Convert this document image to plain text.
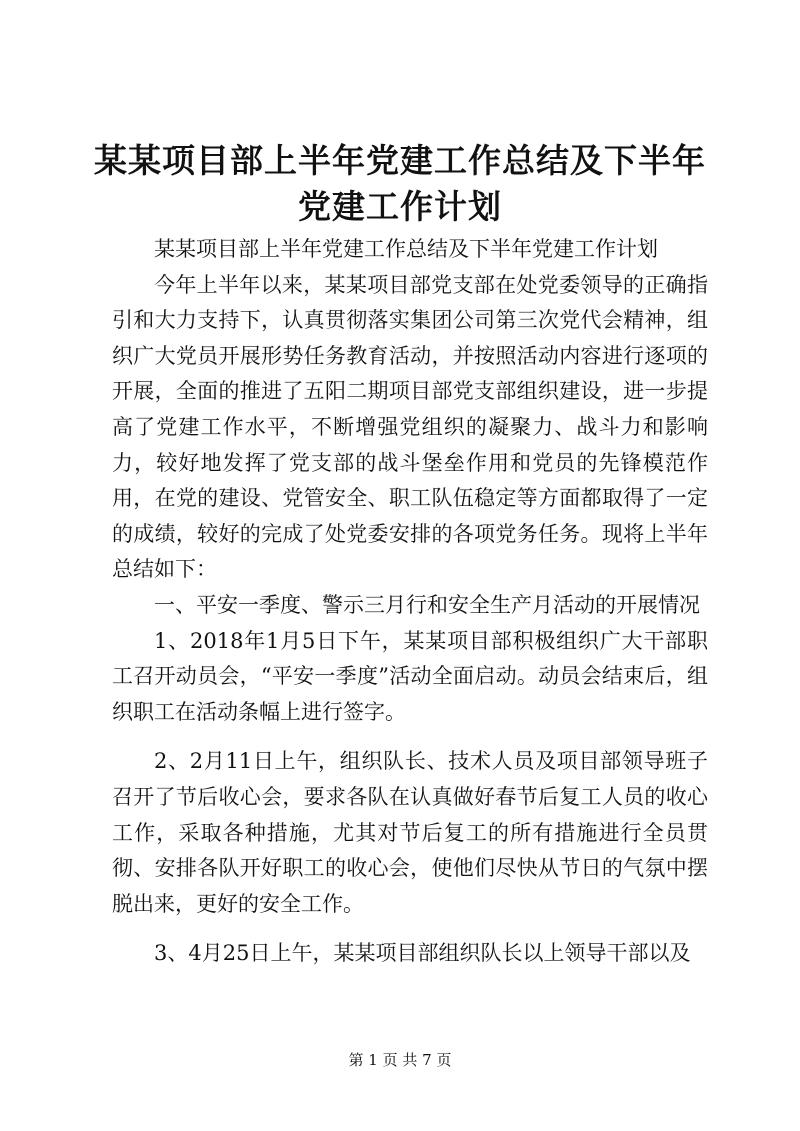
某某项目部上半年党建工作总结及下半年党建工作计划

某某项目部上半年党建工作总结及下半年党建工作计划

今年上半年以来，某某项目部党支部在处党委领导的正确指引和大力支持下，认真贯彻落实集团公司第三次党代会精神，组织广大党员开展形势任务教育活动，并按照活动内容进行逐项的开展，全面的推进了五阳二期项目部党支部组织建设，进一步提高了党建工作水平，不断增强党组织的凝聚力、战斗力和影响力，较好地发挥了党支部的战斗堡垒作用和党员的先锋模范作用，在党的建设、党管安全、职工队伍稳定等方面都取得了一定的成绩，较好的完成了处党委安排的各项党务任务。现将上半年总结如下：

一、平安一季度、警示三月行和安全生产月活动的开展情况

1、2018年1月5日下午，某某项目部积极组织广大干部职工召开动员会，“平安一季度”活动全面启动。动员会结束后，组织职工在活动条幅上进行签字。

2、2月11日上午，组织队长、技术人员及项目部领导班子召开了节后收心会，要求各队在认真做好春节后复工人员的收心工作，采取各种措施，尤其对节后复工的所有措施进行全员贯彻、安排各队开好职工的收心会，使他们尽快从节日的气氛中摆脱出来，更好的安全工作。

3、4月25日上午，某某项目部组织队长以上领导干部以及

第 1 页 共 7 页
